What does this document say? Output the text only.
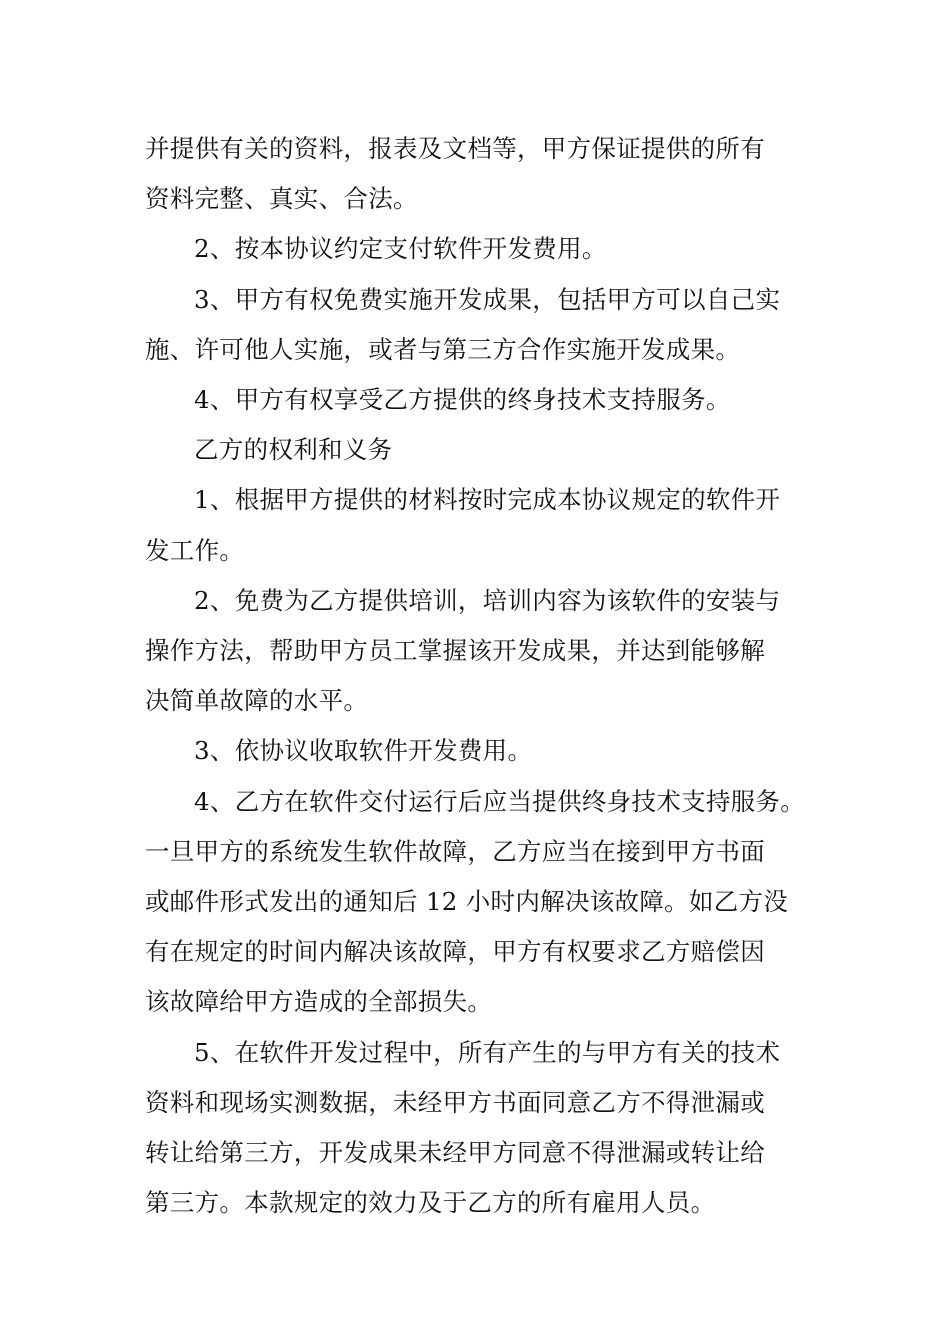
并提供有关的资料，报表及文档等，甲方保证提供的所有
资料完整、真实、合法。
2、按本协议约定支付软件开发费用。
3、甲方有权免费实施开发成果，包括甲方可以自己实
施、许可他人实施，或者与第三方合作实施开发成果。
4、甲方有权享受乙方提供的终身技术支持服务。
乙方的权利和义务
1、根据甲方提供的材料按时完成本协议规定的软件开
发工作。
2、免费为乙方提供培训，培训内容为该软件的安装与
操作方法，帮助甲方员工掌握该开发成果，并达到能够解
决简单故障的水平。
3、依协议收取软件开发费用。
4、乙方在软件交付运行后应当提供终身技术支持服务。
一旦甲方的系统发生软件故障，乙方应当在接到甲方书面
或邮件形式发出的通知后 12 小时内解决该故障。如乙方没
有在规定的时间内解决该故障，甲方有权要求乙方赔偿因
该故障给甲方造成的全部损失。
5、在软件开发过程中，所有产生的与甲方有关的技术
资料和现场实测数据，未经甲方书面同意乙方不得泄漏或
转让给第三方，开发成果未经甲方同意不得泄漏或转让给
第三方。本款规定的效力及于乙方的所有雇用人员。
